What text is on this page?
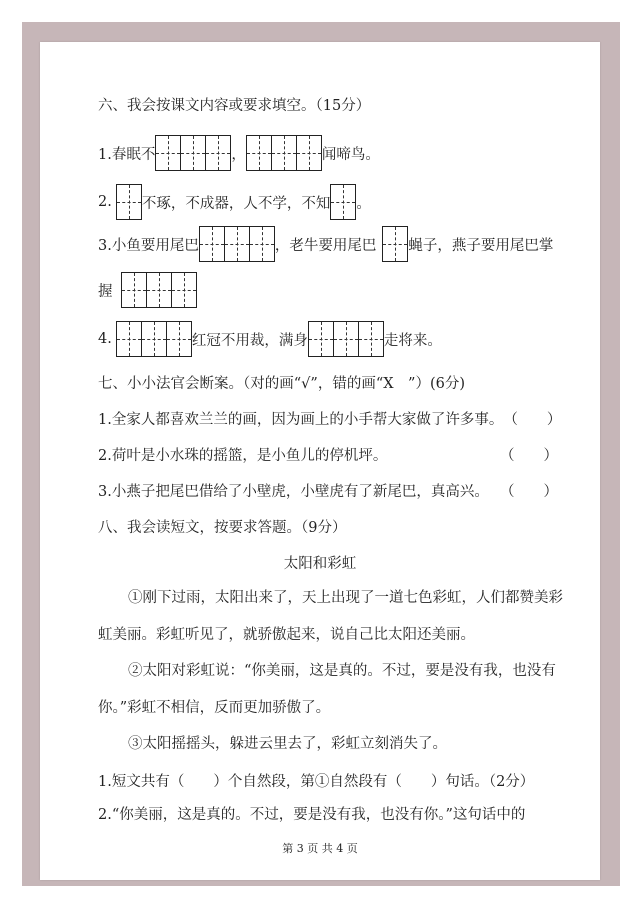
六、我会按课文内容或要求填空。（15分）
1.春眠不	，	闻啼鸟。
2. 不琢，不成器，人不学，不知 。
3.小鱼要用尾巴	，老牛要用尾巴 蝇子，燕子要用尾巴掌
握
4.	红冠不用裁，满身	走将来。
七、小小法官会断案。（对的画“√”，错的画“X　”）(6分)
1.全家人都喜欢兰兰的画，因为画上的小手帮大家做了许多事。 （　　）
2.荷叶是小水珠的摇篮，是小鱼儿的停机坪。	（　　）
3.小燕子把尾巴借给了小壁虎，小壁虎有了新尾巴，真高兴。 （　　）
八、我会读短文，按要求答题。（9分）
太阳和彩虹
①刚下过雨，太阳出来了，天上出现了一道七色彩虹，人们都赞美彩
虹美丽。彩虹听见了，就骄傲起来，说自己比太阳还美丽。
②太阳对彩虹说：“你美丽，这是真的。不过，要是没有我，也没有
你。”彩虹不相信，反而更加骄傲了。
③太阳摇摇头，躲进云里去了，彩虹立刻消失了。
1.短文共有（　　）个自然段，第①自然段有（　　）句话。（2分）
2.“你美丽，这是真的。不过，要是没有我，也没有你。”这句话中的
第 3 页 共 4 页
